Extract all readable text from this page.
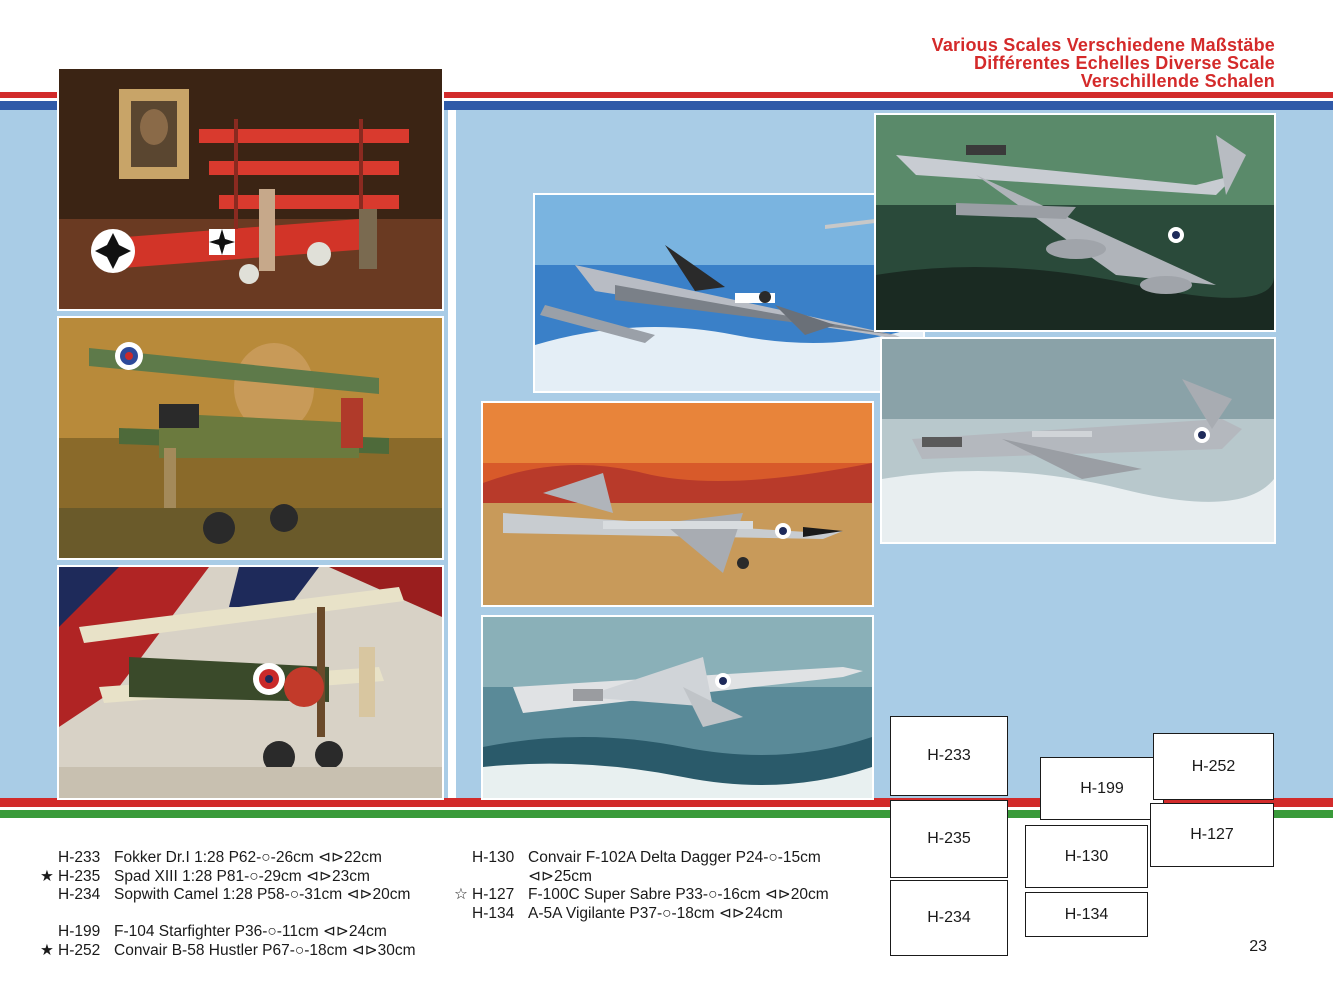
Various Scales Verschiedene Maßstäbe
Différentes Echelles Diverse Scale
Verschillende Schalen
H-233 Fokker Dr.I 1:28 P62-○-26cm ⊲⊳22cm
★ H-235 Spad XIII 1:28 P81-○-29cm ⊲⊳23cm
H-234 Sopwith Camel 1:28 P58-○-31cm ⊲⊳20cm
H-199 F-104 Starfighter P36-○-11cm ⊲⊳24cm
★ H-252 Convair B-58 Hustler P67-○-18cm ⊲⊳30cm
H-130 Convair F-102A Delta Dagger P24-○-15cm
⊲⊳25cm
☆ H-127 F-100C Super Sabre P33-○-16cm ⊲⊳20cm
H-134 A-5A Vigilante P37-○-18cm ⊲⊳24cm
H-233
H-235
H-234
H-199
H-130
H-134
H-252
H-127
23
